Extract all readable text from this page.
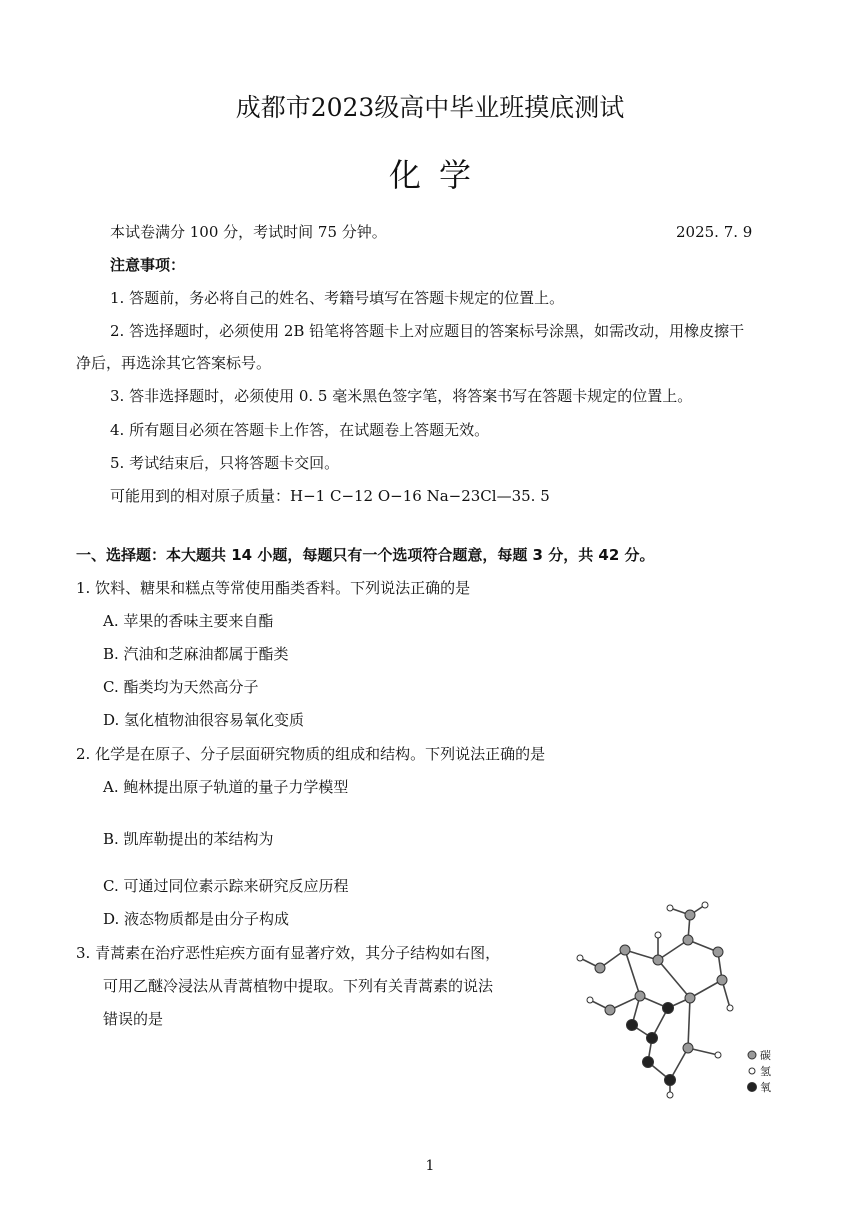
成都市2023级高中毕业班摸底测试
化学
本试卷满分 100 分，考试时间 75 分钟。	2025. 7. 9
注意事项：
1. 答题前，务必将自己的姓名、考籍号填写在答题卡规定的位置上。
2. 答选择题时，必须使用 2B 铅笔将答题卡上对应题目的答案标号涂黑，如需改动，用橡皮擦干
净后，再选涂其它答案标号。
3. 答非选择题时，必须使用 0. 5 毫米黑色签字笔，将答案书写在答题卡规定的位置上。
4. 所有题目必须在答题卡上作答，在试题卷上答题无效。
5. 考试结束后，只将答题卡交回。
可能用到的相对原子质量：H−1 C−12 O−16 Na−23Cl—35. 5
一、选择题：本大题共 14 小题，每题只有一个选项符合题意，每题 3 分，共 42 分。
1. 饮料、糖果和糕点等常使用酯类香料。下列说法正确的是
A. 苹果的香味主要来自酯
B. 汽油和芝麻油都属于酯类
C. 酯类均为天然高分子
D. 氢化植物油很容易氧化变质
2. 化学是在原子、分子层面研究物质的组成和结构。下列说法正确的是
A. 鲍林提出原子轨道的量子力学模型
B. 凯库勒提出的苯结构为
C. 可通过同位素示踪来研究反应历程
D. 液态物质都是由分子构成
3. 青蒿素在治疗恶性疟疾方面有显著疗效，其分子结构如右图，
可用乙醚冷浸法从青蒿植物中提取。下列有关青蒿素的说法
错误的是
碳
氢
氧
1
